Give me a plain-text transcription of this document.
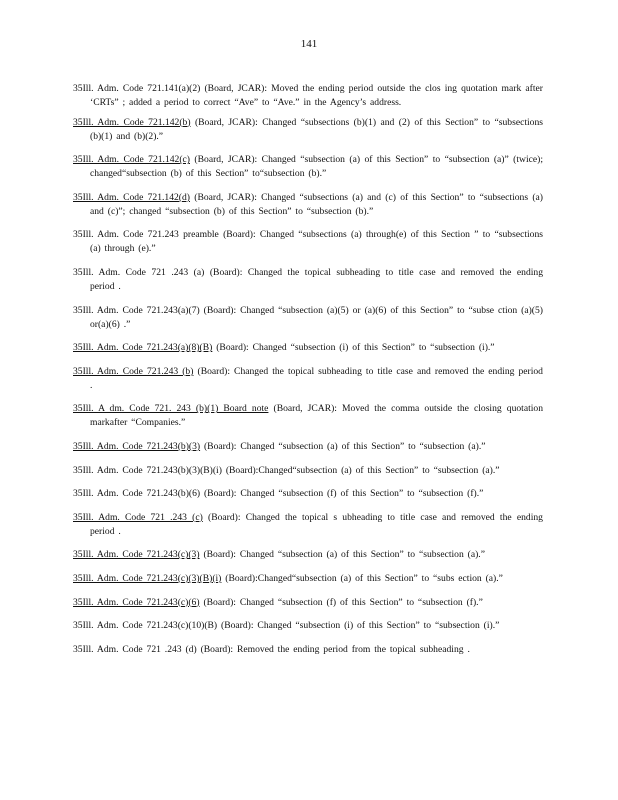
141

35Ill. Adm. Code 721.141(a)(2) (Board, JCAR): Moved the ending period outside the clos ing quotation mark after ‘CRTs” ; added a period to correct “Ave” to “Ave.” in the Agency’s address.

35Ill. Adm. Code 721.142(b) (Board, JCAR): Changed “subsections (b)(1) and (2) of this Section” to “subsections (b)(1) and (b)(2).”

35Ill. Adm. Code 721.142(c) (Board, JCAR): Changed “subsection (a) of this Section” to “subsection (a)” (twice); changed“subsection (b) of this Section” to“subsection (b).”

35Ill. Adm. Code 721.142(d) (Board, JCAR): Changed “subsections (a) and (c) of this Section” to “subsections (a) and (c)”; changed “subsection (b) of this Section” to “subsection (b).”

35Ill. Adm. Code 721.243 preamble (Board): Changed “subsections (a) through(e) of this Section ” to “subsections (a) through (e).”

35Ill. Adm. Code 721 .243 (a) (Board): Changed the topical subheading to title case and removed the ending period .

35Ill. Adm. Code 721.243(a)(7) (Board): Changed “subsection (a)(5) or (a)(6) of this Section” to “subse ction (a)(5) or(a)(6) .”

35Ill. Adm. Code 721.243(a)(8)(B) (Board): Changed “subsection (i) of this Section” to “subsection (i).”

35Ill. Adm. Code 721.243 (b) (Board): Changed the topical subheading to title case and removed the ending period .

35Ill. A dm. Code 721. 243 (b)(1) Board note (Board, JCAR): Moved the comma outside the closing quotation markafter “Companies.”

35Ill. Adm. Code 721.243(b)(3) (Board): Changed “subsection (a) of this Section” to “subsection (a).”

35Ill. Adm. Code 721.243(b)(3)(B)(i) (Board):Changed“subsection (a) of this Section” to “subsection (a).”

35Ill. Adm. Code 721.243(b)(6) (Board): Changed “subsection (f) of this Section” to “subsection (f).”

35Ill. Adm. Code 721 .243 (c) (Board): Changed the topical s ubheading to title case and removed the ending period .

35Ill. Adm. Code 721.243(c)(3) (Board): Changed “subsection (a) of this Section” to “subsection (a).”

35Ill. Adm. Code 721.243(c)(3)(B)(i) (Board):Changed“subsection (a) of this Section” to “subs ection (a).”

35Ill. Adm. Code 721.243(c)(6) (Board): Changed “subsection (f) of this Section” to “subsection (f).”

35Ill. Adm. Code 721.243(c)(10)(B) (Board): Changed “subsection (i) of this Section” to “subsection (i).”

35Ill. Adm. Code 721 .243 (d) (Board): Removed the ending period from the topical subheading .
